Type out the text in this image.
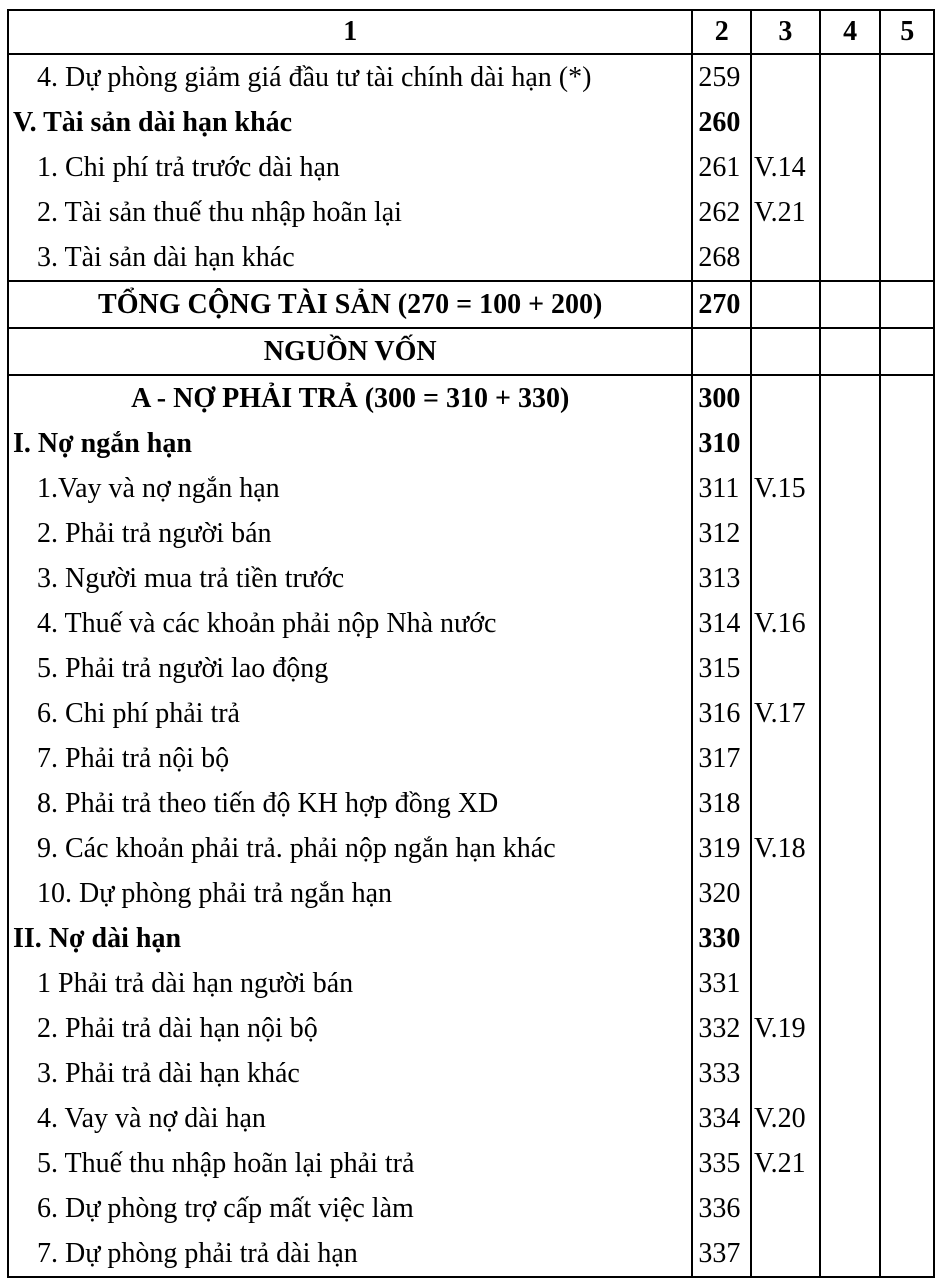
1	2	3	4	5
4. Dự phòng giảm giá đầu tư tài chính dài hạn (*)	259			
V. Tài sản dài hạn khác	260			
1. Chi phí trả trước dài hạn	261	V.14		
2. Tài sản thuế thu nhập hoãn lại	262	V.21		
3. Tài sản dài hạn khác	268			
TỔNG CỘNG TÀI SẢN (270 = 100 + 200)	270			
NGUỒN VỐN				
A - NỢ PHẢI TRẢ (300 = 310 + 330)	300			
I. Nợ ngắn hạn	310			
1.Vay và nợ ngắn hạn	311	V.15		
2. Phải trả người bán	312			
3. Người mua trả tiền trước	313			
4. Thuế và các khoản phải nộp Nhà nước	314	V.16		
5. Phải trả người lao động	315			
6. Chi phí phải trả	316	V.17		
7. Phải trả nội bộ	317			
8. Phải trả theo tiến độ KH hợp đồng XD	318			
9. Các khoản phải trả. phải nộp ngắn hạn khác	319	V.18		
10. Dự phòng phải trả ngắn hạn	320			
II. Nợ dài hạn	330			
1 Phải trả dài hạn người bán	331			
2. Phải trả dài hạn nội bộ	332	V.19		
3. Phải trả dài hạn khác	333			
4. Vay và nợ dài hạn	334	V.20		
5. Thuế thu nhập hoãn lại phải trả	335	V.21		
6. Dự phòng trợ cấp mất việc làm	336			
7. Dự phòng phải trả dài hạn	337			
